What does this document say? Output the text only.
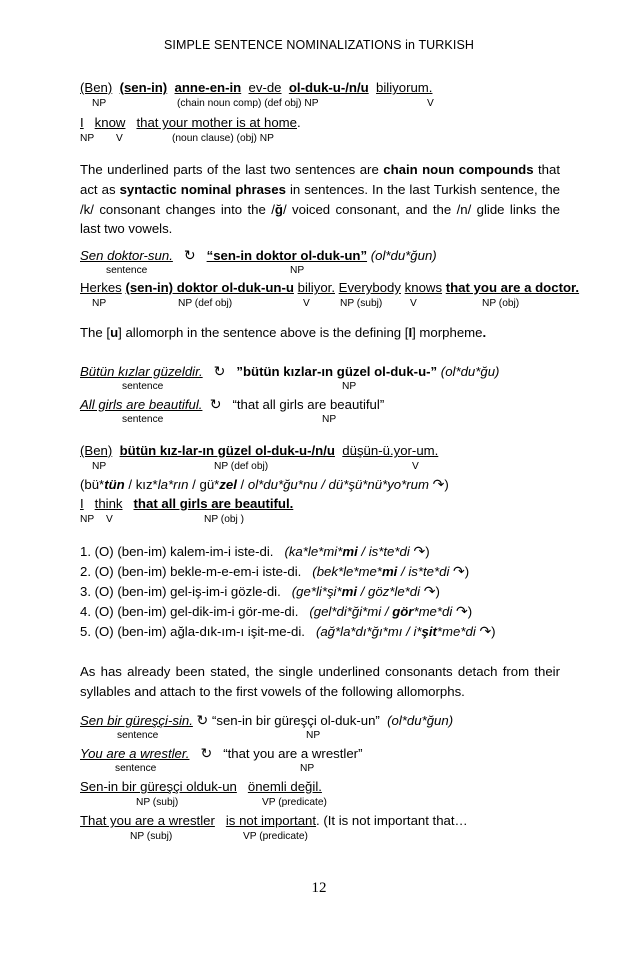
SIMPLE SENTENCE NOMINALIZATIONS in TURKISH
(Ben) (sen-in) anne-en-in ev-de ol-duk-u-/n/u biliyorum.
NP	(chain noun comp) (def obj) NP	V
I know that your mother is at home.
NP V	(noun clause) (obj) NP
The underlined parts of the last two sentences are chain noun compounds that act as syntactic nominal phrases in sentences. In the last Turkish sentence, the /k/ consonant changes into the /ğ/ voiced consonant, and the /n/ glide links the last two vowels.
Sen doktor-sun. ↻ “sen-in doktor ol-duk-un” (ol*du*ğun)
sentence	NP
Herkes (sen-in) doktor ol-duk-un-u biliyor. Everybody knows that you are a doctor.
NP	NP (def obj)	V	NP (subj)	V	NP (obj)
The [u] allomorph in the sentence above is the defining [I] morpheme.
Bütün kızlar güzeldir. ↻ ”bütün kızlar-ın güzel ol-duk-u-” (ol*du*ğu)
sentence	NP
All girls are beautiful. ↻ “that all girls are beautiful”
sentence	NP
(Ben) bütün kız-lar-ın güzel ol-duk-u-/n/u düşün-ü.yor-um.
NP	NP (def obj)	V
(bü*tün / kız*la*rın / gü*zel / ol*du*ğu*nu / dü*şü*nü*yo*rum ↷)
I think that all girls are beautiful.
NP V	NP (obj )
1. (O) (ben-im) kalem-im-i iste-di. (ka*le*mi*mi / is*te*di ↷)
2. (O) (ben-im) bekle-m-e-em-i iste-di. (bek*le*me*mi / is*te*di ↷)
3. (O) (ben-im) gel-iş-im-i gözle-di. (ge*li*şi*mi / göz*le*di ↷)
4. (O) (ben-im) gel-dik-im-i gör-me-di. (gel*di*ği*mi / gör*me*di ↷)
5. (O) (ben-im) ağla-dık-ım-ı işit-me-di. (ağ*la*dı*ğı*mı / i*şit*me*di ↷)
As has already been stated, the single underlined consonants detach from their syllables and attach to the first vowels of the following allomorphs.
Sen bir güreşçi-sin. ↻ “sen-in bir güreşçi ol-duk-un” (ol*du*ğun)
sentence	NP
You are a wrestler. ↻ “that you are a wrestler”
sentence	NP
Sen-in bir güreşçi olduk-un önemli değil.
NP (subj)	VP (predicate)
That you are a wrestler is not important. (It is not important that…
NP (subj)	VP (predicate)
12
